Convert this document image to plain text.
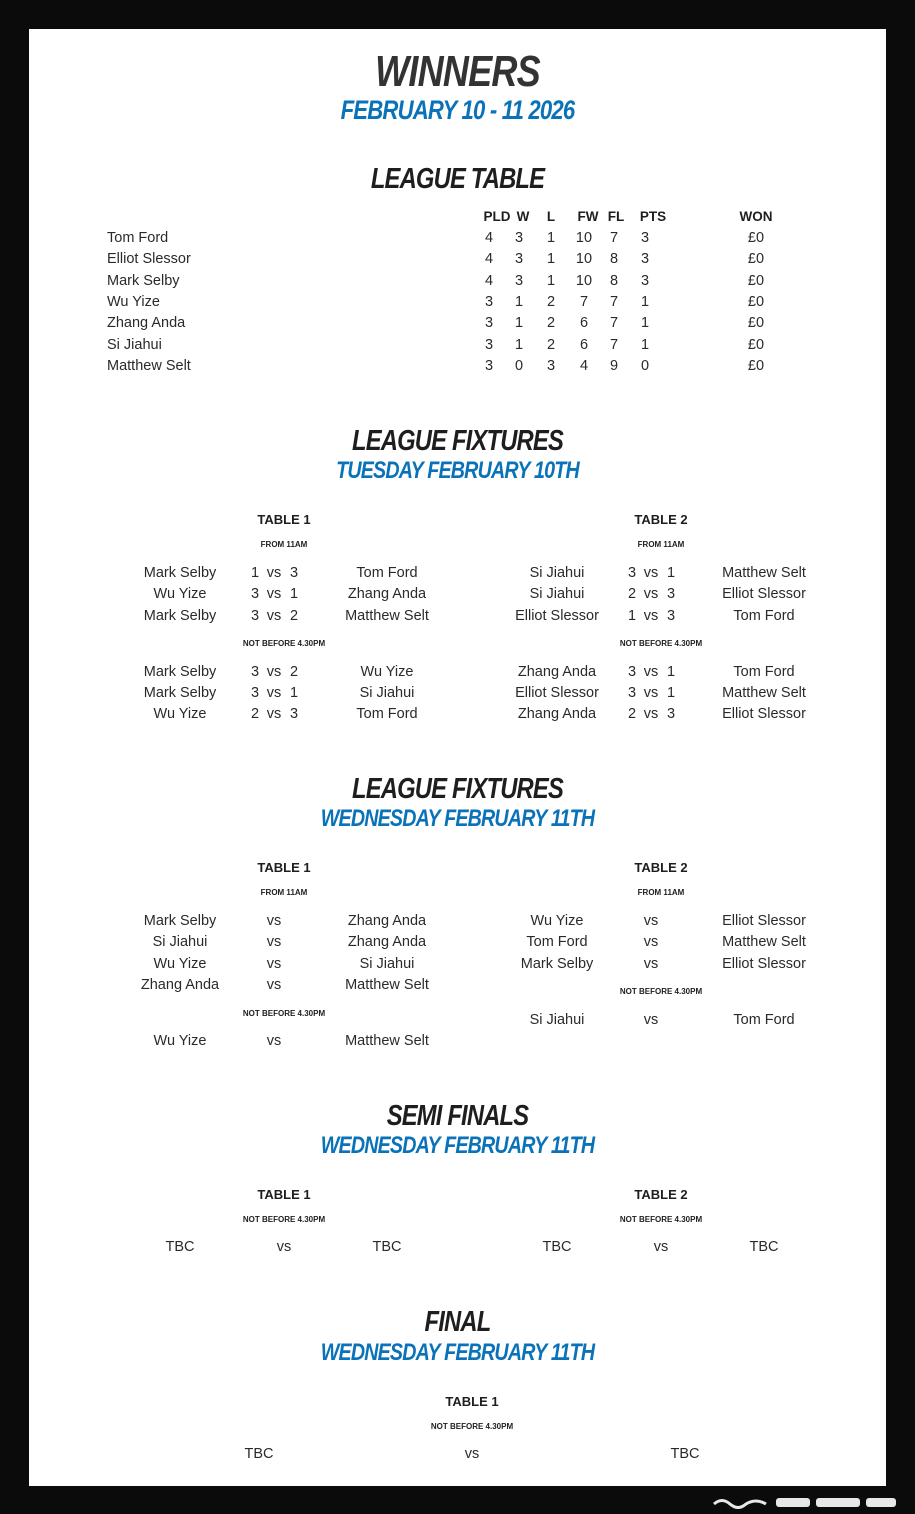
WINNERS
FEBRUARY 10 - 11 2026
LEAGUE TABLE
PLD W	L	FW FL PTS	WON
Tom Ford	4	3	1	10	7	3	£0
Elliot Slessor	4	3	1	10	8	3	£0
Mark Selby	4	3	1	10	8	3	£0
Wu Yize	3	1	2	7	7	1	£0
Zhang Anda	3	1	2	6	7	1	£0
Si Jiahui	3	1	2	6	7	1	£0
Matthew Selt	3	0	3	4	9	0	£0
LEAGUE FIXTURES
TUESDAY FEBRUARY 10TH
TABLE 1
FROM 11AM
NOT BEFORE 4.30PM
TABLE 2
FROM 11AM
NOT BEFORE 4.30PM
Mark Selby	1 vs 3	Tom Ford	Si Jiahui	3 vs 1	Matthew Selt
Wu Yize	3 vs 1	Zhang Anda	Si Jiahui	2 vs 3	Elliot Slessor
Mark Selby	3 vs 2	Matthew Selt	Elliot Slessor	1 vs 3	Tom Ford
Mark Selby	3 vs 2	Wu Yize	Zhang Anda	3 vs 1	Tom Ford
Mark Selby	3 vs 1	Si Jiahui	Elliot Slessor	3 vs 1	Matthew Selt
Wu Yize	2 vs 3	Tom Ford	Zhang Anda	2 vs 3	Elliot Slessor
LEAGUE FIXTURES
WEDNESDAY FEBRUARY 11TH
TABLE 1
FROM 11AM
NOT BEFORE 4.30PM
TABLE 2
FROM 11AM
NOT BEFORE 4.30PM
Mark Selby	vs	Zhang Anda
Si Jiahui	vs	Zhang Anda
Wu Yize	vs	Si Jiahui
Zhang Anda	vs	Matthew Selt
Wu Yize	vs	Matthew Selt
Wu Yize	vs	Elliot Slessor
Tom Ford	vs	Matthew Selt
Mark Selby	vs	Elliot Slessor
Si Jiahui	vs	Tom Ford
SEMI FINALS
WEDNESDAY FEBRUARY 11TH
TABLE 1
NOT BEFORE 4.30PM
TBC	vs	TBC
TABLE 2
NOT BEFORE 4.30PM
TBC	vs	TBC
FINAL
WEDNESDAY FEBRUARY 11TH
TABLE 1
NOT BEFORE 4.30PM
TBC	vs	TBC
